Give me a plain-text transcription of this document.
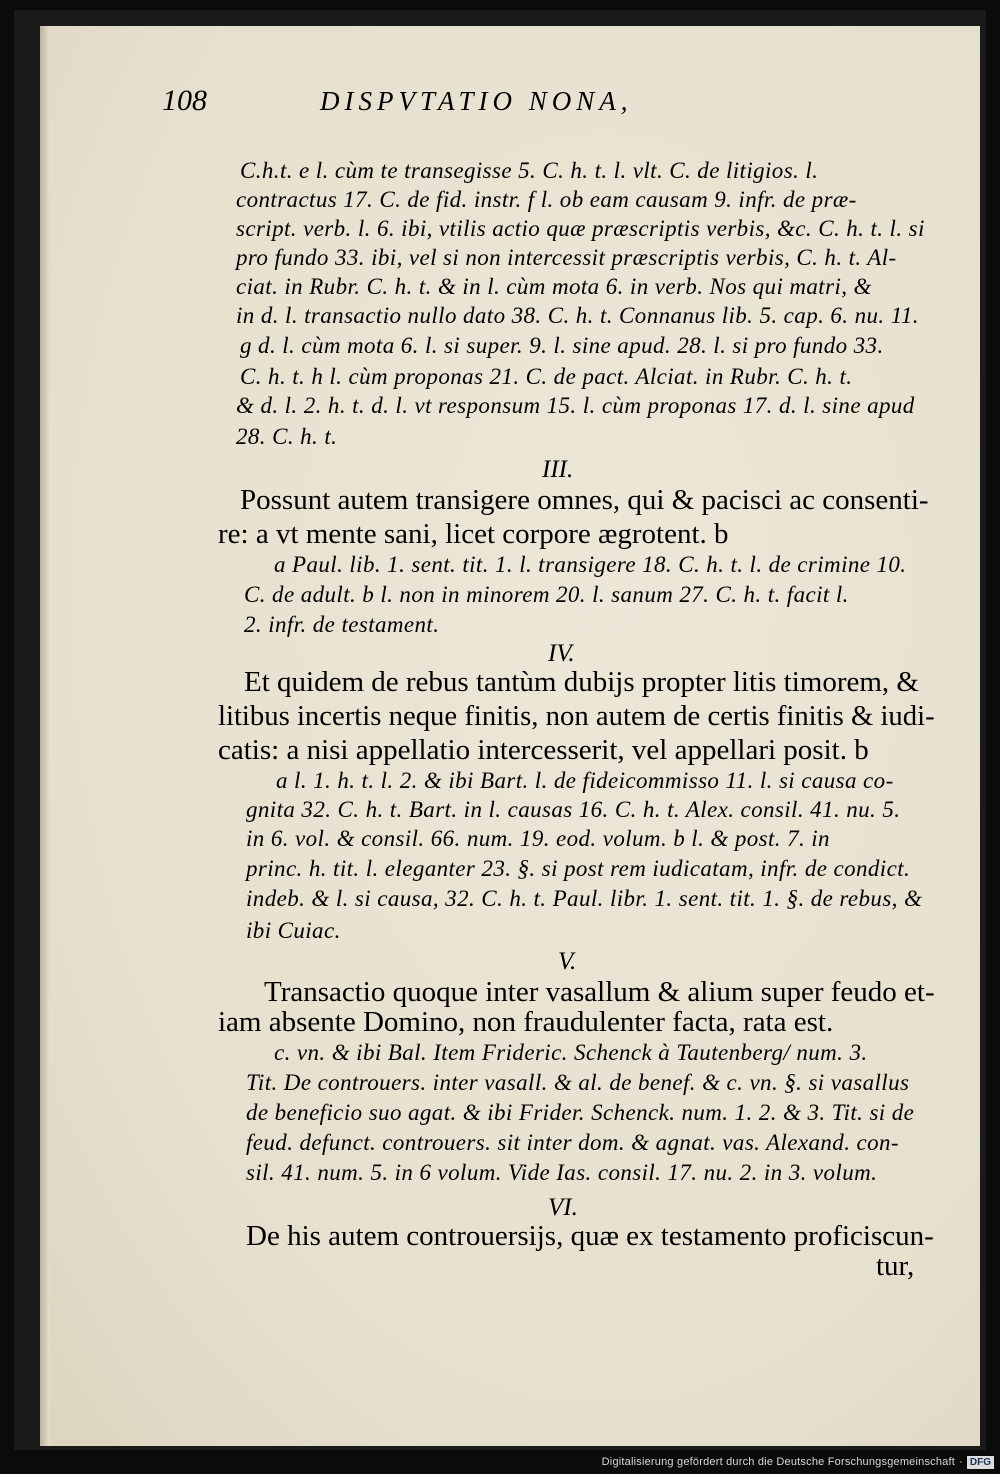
108	DISPVTATIO NONA,

C.h.t. e l. cùm te transegisse 5. C. h. t. l. vlt. C. de litigios. l.

contractus 17. C. de fid. instr. f l. ob eam causam 9. infr. de præ-

script. verb. l. 6. ibi, vtilis actio quæ præscriptis verbis, &c. C. h. t. l. si

pro fundo 33. ibi, vel si non intercessit præscriptis verbis, C. h. t. Al-

ciat. in Rubr. C. h. t. & in l. cùm mota 6. in verb. Nos qui matri, &

in d. l. transactio nullo dato 38. C. h. t. Connanus lib. 5. cap. 6. nu. 11.

g d. l. cùm mota 6. l. si super. 9. l. sine apud. 28. l. si pro fundo 33.

C. h. t. h l. cùm proponas 21. C. de pact. Alciat. in Rubr. C. h. t.

& d. l. 2. h. t. d. l. vt responsum 15. l. cùm proponas 17. d. l. sine apud

28. C. h. t.

III.

Possunt autem transigere omnes, qui & pacisci ac consenti-

re: a vt mente sani, licet corpore ægrotent. b

a Paul. lib. 1. sent. tit. 1. l. transigere 18. C. h. t. l. de crimine 10.

C. de adult. b l. non in minorem 20. l. sanum 27. C. h. t. facit l.

2. infr. de testament.

IV.

Et quidem de rebus tantùm dubijs propter litis timorem, &

litibus incertis neque finitis, non autem de certis finitis & iudi-

catis: a nisi appellatio intercesserit, vel appellari posit. b

a l. 1. h. t. l. 2. & ibi Bart. l. de fideicommisso 11. l. si causa co-

gnita 32. C. h. t. Bart. in l. causas 16. C. h. t. Alex. consil. 41. nu. 5.

in 6. vol. & consil. 66. num. 19. eod. volum. b l. & post. 7. in

princ. h. tit. l. eleganter 23. §. si post rem iudicatam, infr. de condict.

indeb. & l. si causa, 32. C. h. t. Paul. libr. 1. sent. tit. 1. §. de rebus, &

ibi Cuiac.

V.

Transactio quoque inter vasallum & alium super feudo et-

iam absente Domino, non fraudulenter facta, rata est.

c. vn. & ibi Bal. Item Frideric. Schenck à Tautenberg/ num. 3.

Tit. De controuers. inter vasall. & al. de benef. & c. vn. §. si vasallus

de beneficio suo agat. & ibi Frider. Schenck. num. 1. 2. & 3. Tit. si de

feud. defunct. controuers. sit inter dom. & agnat. vas. Alexand. con-

sil. 41. num. 5. in 6 volum. Vide Ias. consil. 17. nu. 2. in 3. volum.

VI.

De his autem controuersijs, quæ ex testamento proficiscun-

tur,

Digitalisierung gefördert durch die Deutsche Forschungsgemeinschaft · DFG
